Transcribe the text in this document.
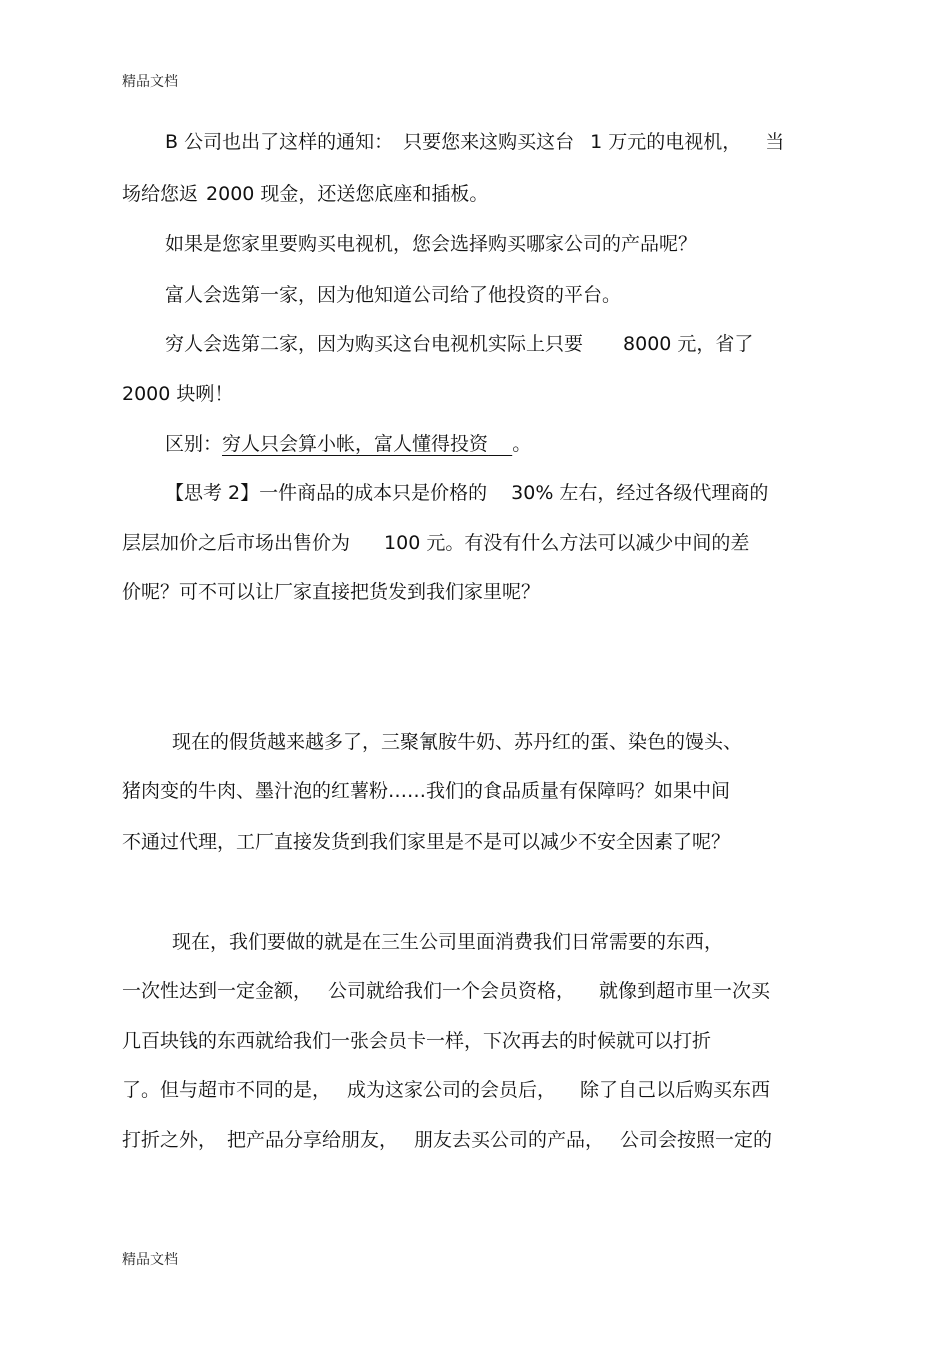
精品文档
B 公司也出了这样的通知： 只要您来这购买这台 1 万元的电视机， 当
场给您返 2000 现金，还送您底座和插板。
如果是您家里要购买电视机，您会选择购买哪家公司的产品呢？
富人会选第一家，因为他知道公司给了他投资的平台。
穷人会选第二家，因为购买这台电视机实际上只要 8000 元，省了
2000 块咧！
区别：穷人只会算小帐，富人懂得投资 。
【思考 2】一件商品的成本只是价格的 30% 左右，经过各级代理商的
层层加价之后市场出售价为 100 元。有没有什么方法可以减少中间的差
价呢？可不可以让厂家直接把货发到我们家里呢？
现在的假货越来越多了，三聚氰胺牛奶、苏丹红的蛋、染色的馒头、
猪肉变的牛肉、墨汁泡的红薯粉……我们的食品质量有保障吗？如果中间
不通过代理，工厂直接发货到我们家里是不是可以减少不安全因素了呢？
现在，我们要做的就是在三生公司里面消费我们日常需要的东西，
一次性达到一定金额， 公司就给我们一个会员资格， 就像到超市里一次买
几百块钱的东西就给我们一张会员卡一样，下次再去的时候就可以打折
了。但与超市不同的是， 成为这家公司的会员后， 除了自己以后购买东西
打折之外， 把产品分享给朋友， 朋友去买公司的产品， 公司会按照一定的
精品文档
